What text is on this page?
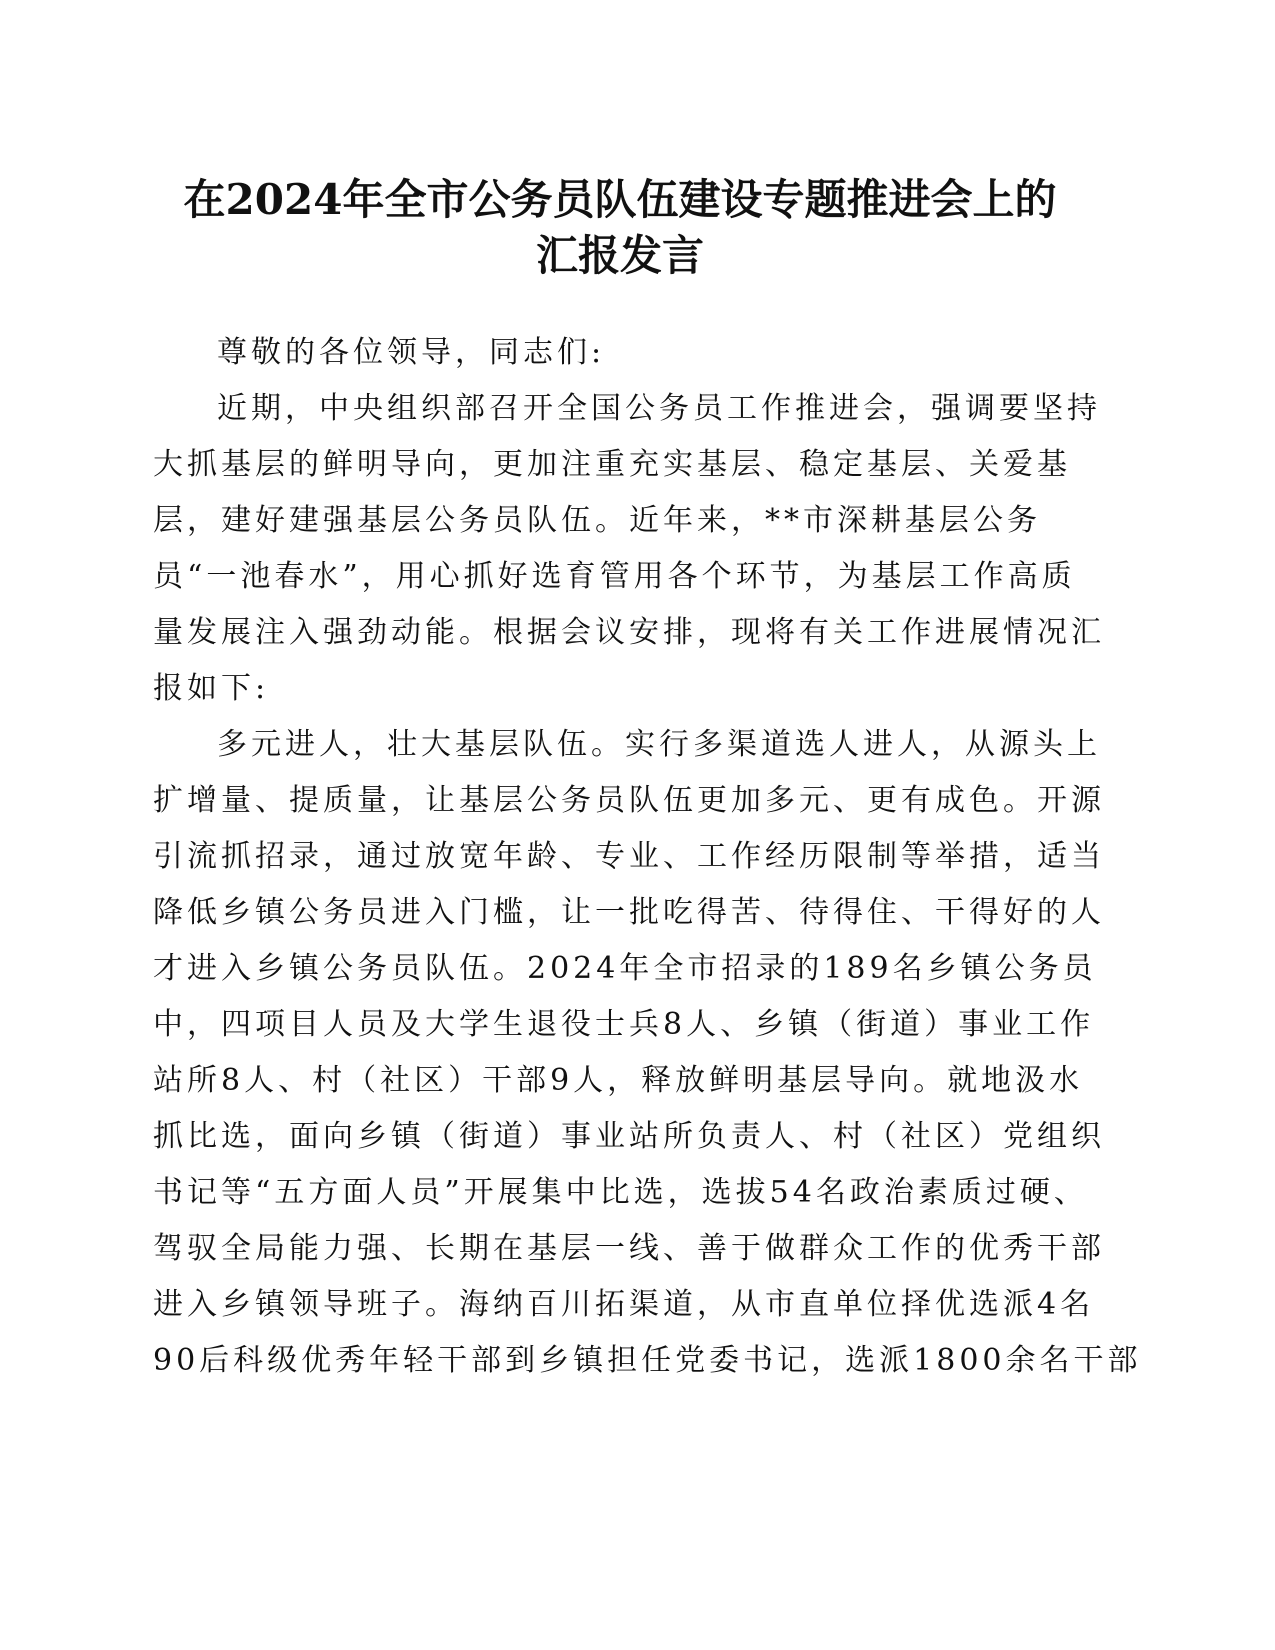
在2024年全市公务员队伍建设专题推进会上的
汇报发言
尊敬的各位领导，同志们:
近期，中央组织部召开全国公务员工作推进会，强调要坚持
大抓基层的鲜明导向，更加注重充实基层、稳定基层、关爱基
层，建好建强基层公务员队伍。近年来，**市深耕基层公务
员“一池春水”，用心抓好选育管用各个环节，为基层工作高质
量发展注入强劲动能。根据会议安排，现将有关工作进展情况汇
报如下:
多元进人，壮大基层队伍。实行多渠道选人进人，从源头上
扩增量、提质量，让基层公务员队伍更加多元、更有成色。开源
引流抓招录，通过放宽年龄、专业、工作经历限制等举措，适当
降低乡镇公务员进入门槛，让一批吃得苦、待得住、干得好的人
才进入乡镇公务员队伍。2024年全市招录的189名乡镇公务员
中，四项目人员及大学生退役士兵8人、乡镇（街道）事业工作
站所8人、村（社区）干部9人，释放鲜明基层导向。就地汲水
抓比选，面向乡镇（街道）事业站所负责人、村（社区）党组织
书记等“五方面人员”开展集中比选，选拔54名政治素质过硬、
驾驭全局能力强、长期在基层一线、善于做群众工作的优秀干部
进入乡镇领导班子。海纳百川拓渠道，从市直单位择优选派4名
90后科级优秀年轻干部到乡镇担任党委书记，选派1800余名干部
